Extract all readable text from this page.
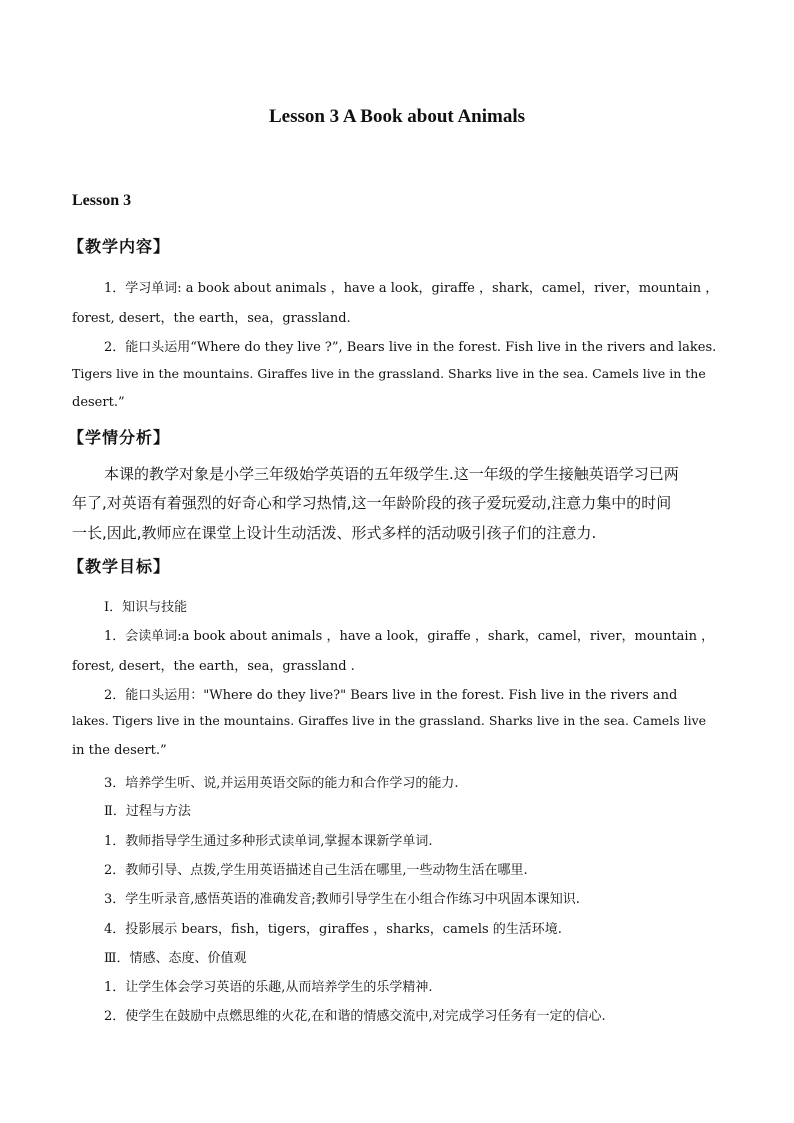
Lesson 3 A Book about Animals
Lesson 3
【教学内容】
1．学习单词: a book about animals ，have a look，giraffe ，shark，camel，river，mountain ，
forest, desert，the earth，sea，grassland.
2．能口头运用“Where do they live ?”, Bears live in the forest. Fish live in the rivers and lakes.
Tigers live in the mountains. Giraffes live in the grassland. Sharks live in the sea. Camels live in the
desert.”
【学情分析】
本课的教学对象是小学三年级始学英语的五年级学生.这一年级的学生接触英语学习已两
年了,对英语有着强烈的好奇心和学习热情,这一年龄阶段的孩子爱玩爱动,注意力集中的时间
一长,因此,教师应在课堂上设计生动活泼、形式多样的活动吸引孩子们的注意力.
【教学目标】
Ⅰ．知识与技能
1．会读单词:a book about animals ，have a look，giraffe ，shark，camel，river，mountain ，
forest, desert，the earth，sea，grassland .
2．能口头运用："Where do they live?" Bears live in the forest. Fish live in the rivers and
lakes. Tigers live in the mountains. Giraffes live in the grassland. Sharks live in the sea. Camels live
in the desert.”
3．培养学生听、说,并运用英语交际的能力和合作学习的能力.
Ⅱ．过程与方法
1．教师指导学生通过多种形式读单词,掌握本课新学单词.
2．教师引导、点拨,学生用英语描述自己生活在哪里,一些动物生活在哪里.
3．学生听录音,感悟英语的准确发音;教师引导学生在小组合作练习中巩固本课知识.
4．投影展示 bears，fish，tigers，giraffes ，sharks，camels 的生活环境.
Ⅲ．情感、态度、价值观
1．让学生体会学习英语的乐趣,从而培养学生的乐学精神.
2．使学生在鼓励中点燃思维的火花,在和谐的情感交流中,对完成学习任务有一定的信心.
